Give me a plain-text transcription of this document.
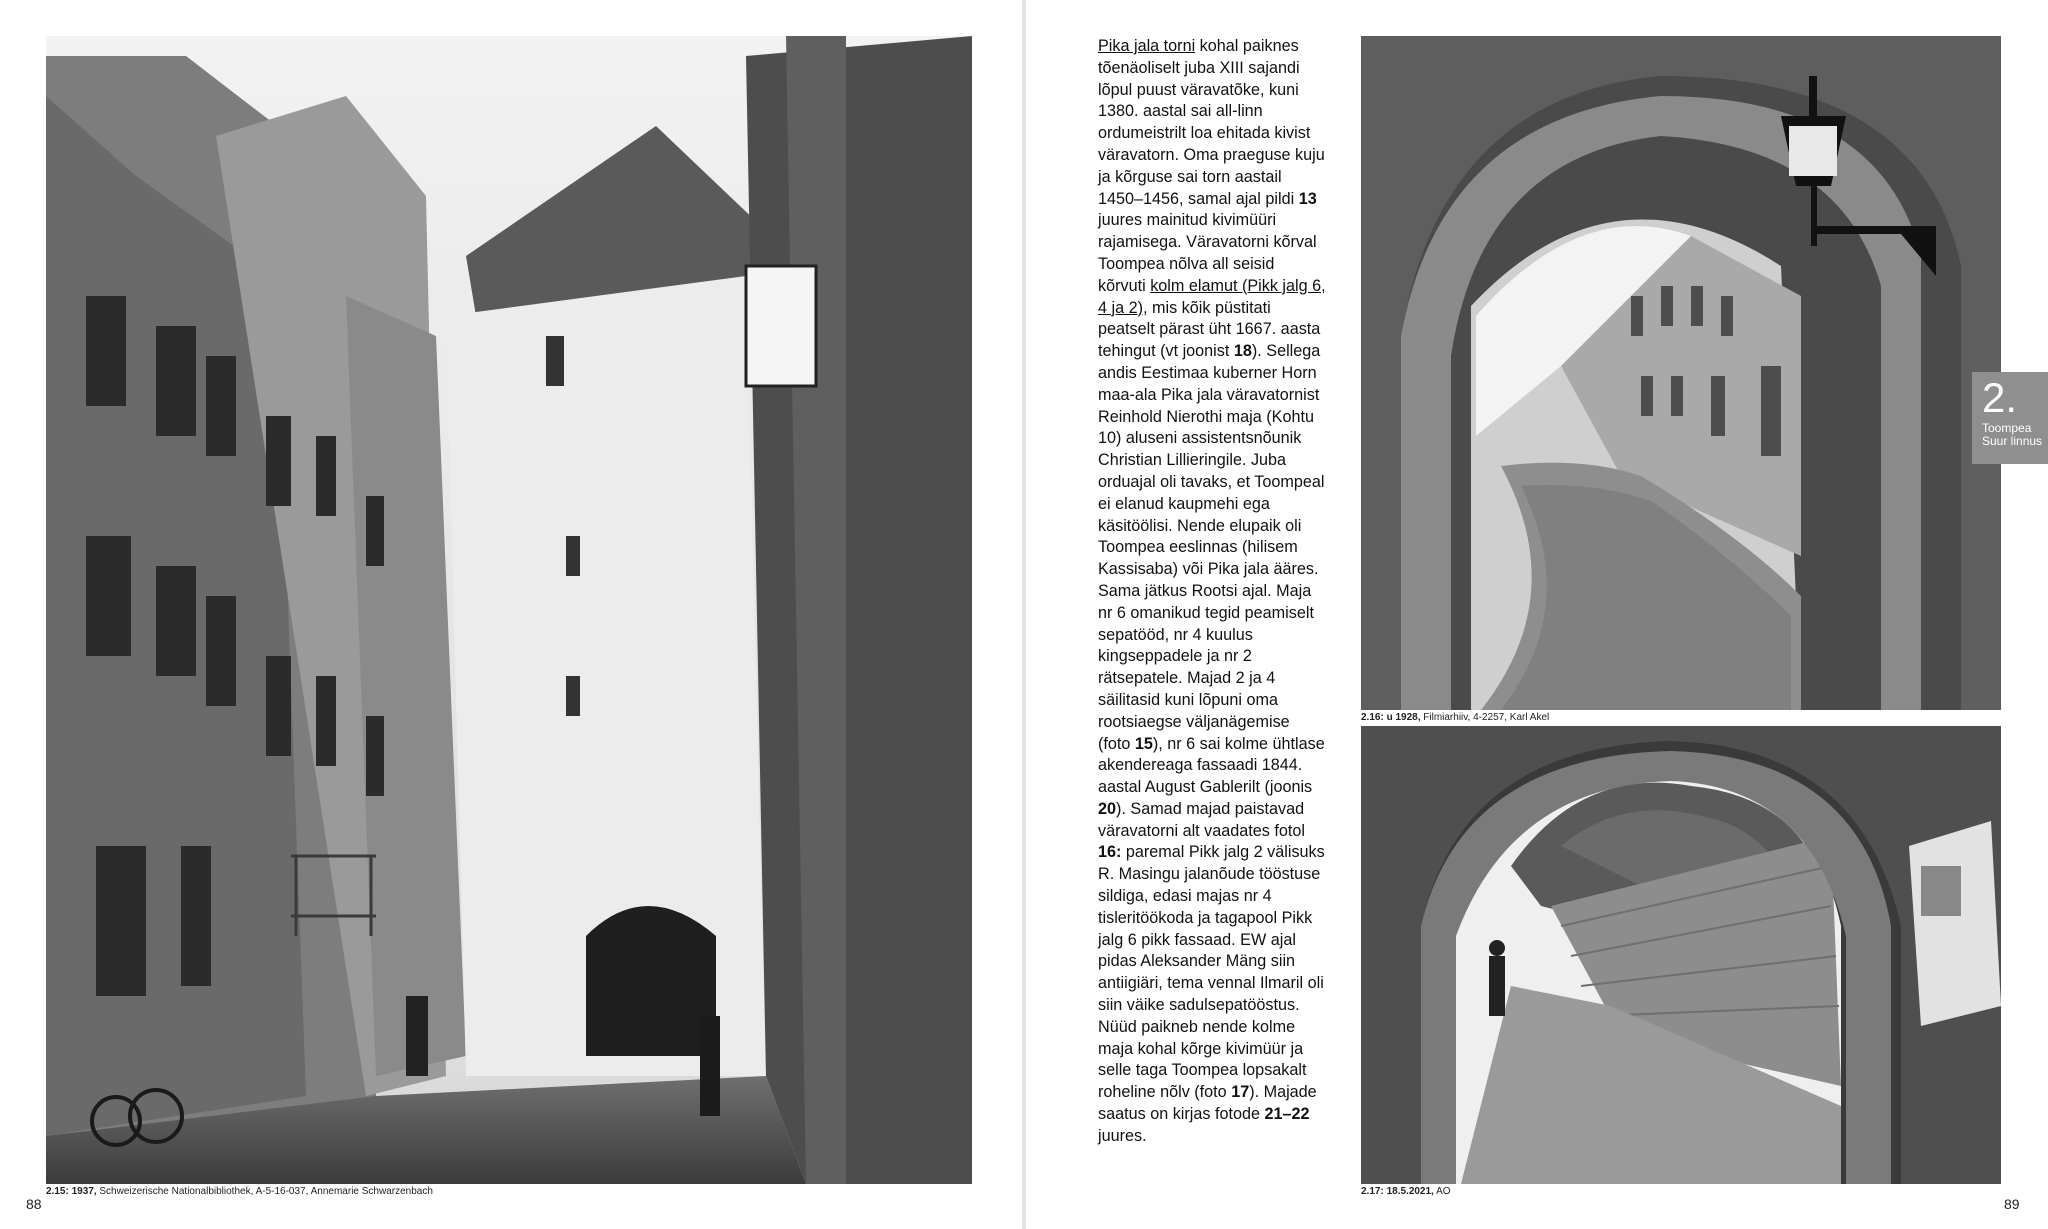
2.15: 1937, Schweizerische Nationalbibliothek, A-5-16-037, Annemarie Schwarzenbach
88

Pika jala torni kohal paiknes tõenäoliselt juba XIII sajandi lõpul puust väravatõke, kuni 1380. aastal sai all-linn ordumeistrilt loa ehitada kivist väravatorn. Oma praeguse kuju ja kõrguse sai torn aastail 1450–1456, samal ajal pildi 13 juures mainitud kivimüüri rajamisega. Väravatorni kõrval Toompea nõlva all seisid kõrvuti kolm elamut (Pikk jalg 6, 4 ja 2), mis kõik püstitati peatselt pärast üht 1667. aasta tehingut (vt joonist 18). Sellega andis Eestimaa kuberner Horn maa-ala Pika jala väravatornist Reinhold Nierothi maja (Kohtu 10) aluseni assistentsnõunik Christian Lillieringile. Juba orduajal oli tavaks, et Toompeal ei elanud kaupmehi ega käsitöölisi. Nende elupaik oli Toompea eeslinnas (hilisem Kassisaba) või Pika jala ääres. Sama jätkus Rootsi ajal. Maja nr 6 omanikud tegid peamiselt sepatööd, nr 4 kuulus kingseppadele ja nr 2 rätsepatele. Majad 2 ja 4 säilitasid kuni lõpuni oma rootsiaegse väljanägemise (foto 15), nr 6 sai kolme ühtlase akendereaga fassaadi 1844. aastal August Gablerilt (joonis 20). Samad majad paistavad väravatorni alt vaadates fotol 16: paremal Pikk jalg 2 välisuks R. Masingu jalanõude tööstuse sildiga, edasi majas nr 4 tisleritöökoda ja tagapool Pikk jalg 6 pikk fassaad. EW ajal pidas Aleksander Mäng siin antiigiäri, tema vennal Ilmaril oli siin väike sadulsepatööstus. Nüüd paikneb nende kolme maja kohal kõrge kivimüür ja selle taga Toompea lopsakalt roheline nõlv (foto 17). Majade saatus on kirjas fotode 21–22 juures.

2.16: u 1928, Filmiarhiiv, 4-2257, Karl Akel
2.17: 18.5.2021, AO
2.
Toompea
Suur linnus
89
